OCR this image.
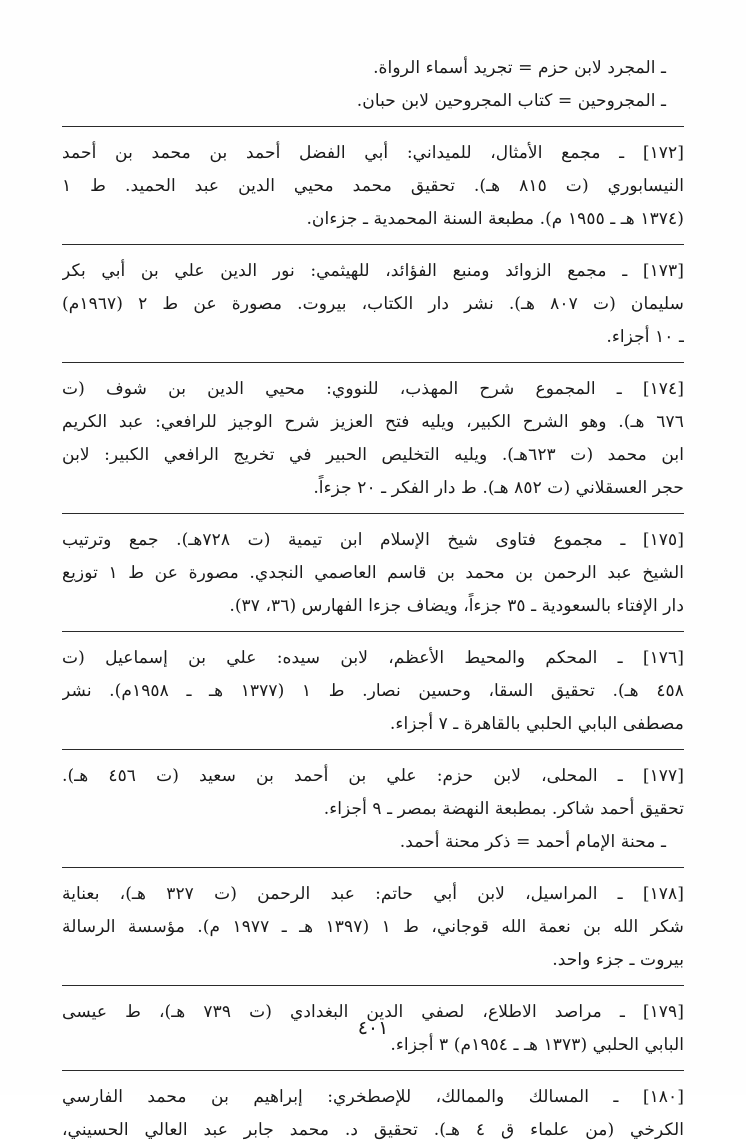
ـ المجرد لابن حزم = تجريد أسماء الرواة.
ـ المجروحين = كتاب المجروحين لابن حبان.
[١٧٢] ـ مجمع الأمثال، للميداني: أبي الفضل أحمد بن محمد بن أحمد
النيسابوري (ت ٨١٥ هـ). تحقيق محمد محيي الدين عبد الحميد. ط ١
(١٣٧٤ هـ ـ ١٩٥٥ م). مطبعة السنة المحمدية ـ جزءان.
[١٧٣] ـ مجمع الزوائد ومنبع الفؤائد، للهيثمي: نور الدين علي بن أبي بكر
سليمان (ت ٨٠٧ هـ). نشر دار الكتاب، بيروت. مصورة عن ط ٢ (١٩٦٧م)
ـ ١٠ أجزاء.
[١٧٤] ـ المجموع شرح المهذب، للنووي: محيي الدين بن شوف (ت
٦٧٦ هـ). وهو الشرح الكبير، ويليه فتح العزيز شرح الوجيز للرافعي: عبد الكريم
ابن محمد (ت ٦٢٣هـ). ويليه التخليص الحبير في تخريج الرافعي الكبير: لابن
حجر العسقلاني (ت ٨٥٢ هـ). ط دار الفكر ـ ٢٠ جزءاً.
[١٧٥] ـ مجموع فتاوى شيخ الإسلام ابن تيمية (ت ٧٢٨هـ). جمع وترتيب
الشيخ عبد الرحمن بن محمد بن قاسم العاصمي النجدي. مصورة عن ط ١ توزيع
دار الإفتاء بالسعودية ـ ٣٥ جزءاً، ويضاف جزءا الفهارس (٣٦، ٣٧).
[١٧٦] ـ المحكم والمحيط الأعظم، لابن سيده: علي بن إسماعيل (ت
٤٥٨ هـ). تحقيق السقا، وحسين نصار. ط ١ (١٣٧٧ هـ ـ ١٩٥٨م). نشر
مصطفى البابي الحلبي بالقاهرة ـ ٧ أجزاء.
[١٧٧] ـ المحلى، لابن حزم: علي بن أحمد بن سعيد (ت ٤٥٦ هـ).
تحقيق أحمد شاكر. بمطبعة النهضة بمصر ـ ٩ أجزاء.
ـ محنة الإمام أحمد = ذكر محنة أحمد.
[١٧٨] ـ المراسيل، لابن أبي حاتم: عبد الرحمن (ت ٣٢٧ هـ)، بعناية
شكر الله بن نعمة الله قوجاني، ط ١ (١٣٩٧ هـ ـ ١٩٧٧ م). مؤسسة الرسالة
بيروت ـ جزء واحد.
[١٧٩] ـ مراصد الاطلاع، لصفي الدين البغدادي (ت ٧٣٩ هـ)، ط عيسى
البابي الحلبي (١٣٧٣ هـ ـ ١٩٥٤م) ٣ أجزاء.
[١٨٠] ـ المسالك والممالك، للإصطخري: إبراهيم بن محمد الفارسي
الكرخي (من علماء ق ٤ هـ). تحقيق د. محمد جابر عبد العالي الحسيني،
٤٠١
